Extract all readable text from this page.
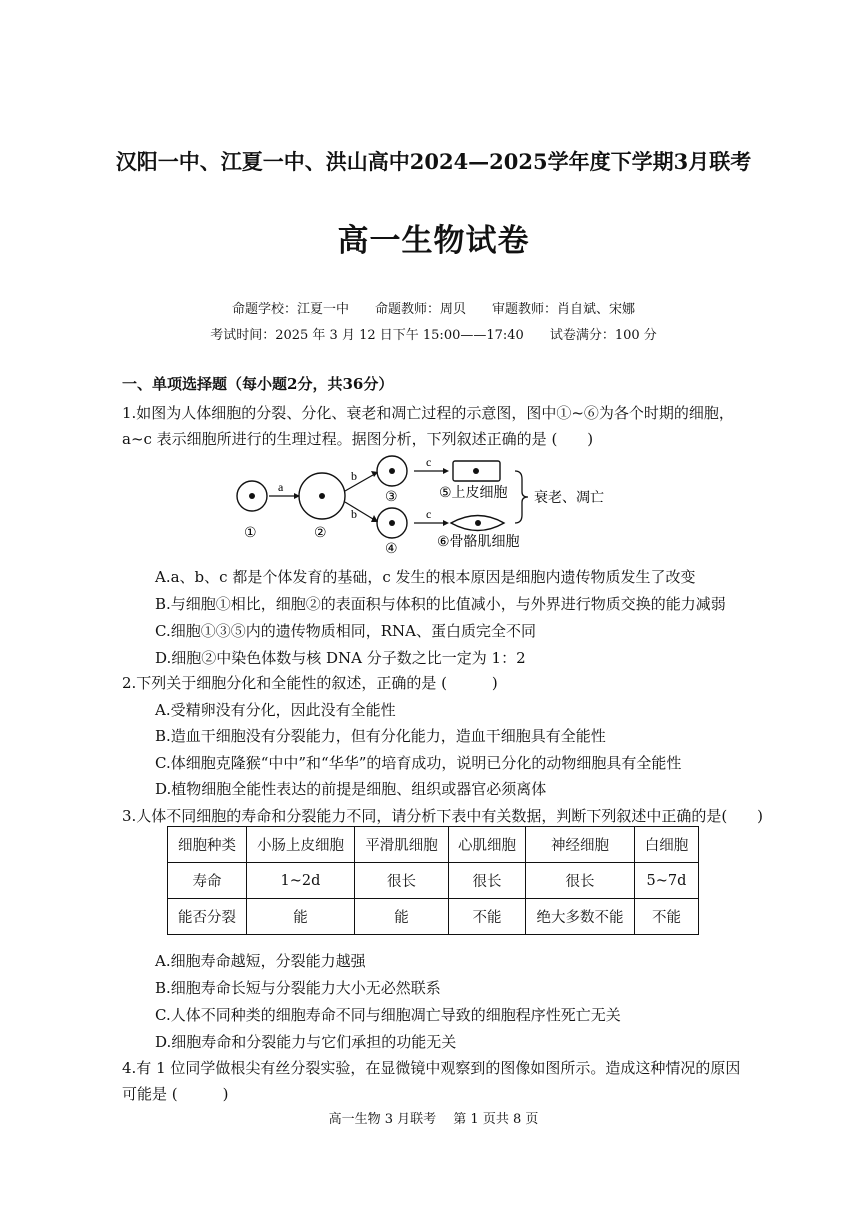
汉阳一中、江夏一中、洪山高中2024—2025学年度下学期3月联考
高一生物试卷
命题学校：江夏一中　　命题教师：周贝　　审题教师：肖自斌、宋娜
考试时间：2025 年 3 月 12 日下午 15:00——17:40　　试卷满分：100 分
一、单项选择题（每小题2分，共36分）
1.如图为人体细胞的分裂、分化、衰老和凋亡过程的示意图，图中①~⑥为各个时期的细胞，
a~c 表示细胞所进行的生理过程。据图分析，下列叙述正确的是 (　　)
a
b
b
c
c
①	②
③
④
⑤上皮细胞
⑥骨骼肌细胞
衰老、凋亡
A.a、b、c 都是个体发育的基础，c 发生的根本原因是细胞内遗传物质发生了改变
B.与细胞①相比，细胞②的表面积与体积的比值减小，与外界进行物质交换的能力减弱
C.细胞①③⑤内的遗传物质相同，RNA、蛋白质完全不同
D.细胞②中染色体数与核 DNA 分子数之比一定为 1：2
2.下列关于细胞分化和全能性的叙述，正确的是 (　　　)
A.受精卵没有分化，因此没有全能性
B.造血干细胞没有分裂能力，但有分化能力，造血干细胞具有全能性
C.体细胞克隆猴“中中”和“华华”的培育成功，说明已分化的动物细胞具有全能性
D.植物细胞全能性表达的前提是细胞、组织或器官必须离体
3.人体不同细胞的寿命和分裂能力不同，请分析下表中有关数据，判断下列叙述中正确的是(　　)
细胞种类	小肠上皮细胞	平滑肌细胞	心肌细胞	神经细胞	白细胞
寿命	1~2d	很长	很长	很长	5~7d
能否分裂	能	能	不能	绝大多数不能	不能
A.细胞寿命越短，分裂能力越强
B.细胞寿命长短与分裂能力大小无必然联系
C.人体不同种类的细胞寿命不同与细胞凋亡导致的细胞程序性死亡无关
D.细胞寿命和分裂能力与它们承担的功能无关
4.有 1 位同学做根尖有丝分裂实验，在显微镜中观察到的图像如图所示。造成这种情况的原因
可能是 (　　　)
高一生物 3 月联考　 第 1 页共 8 页
